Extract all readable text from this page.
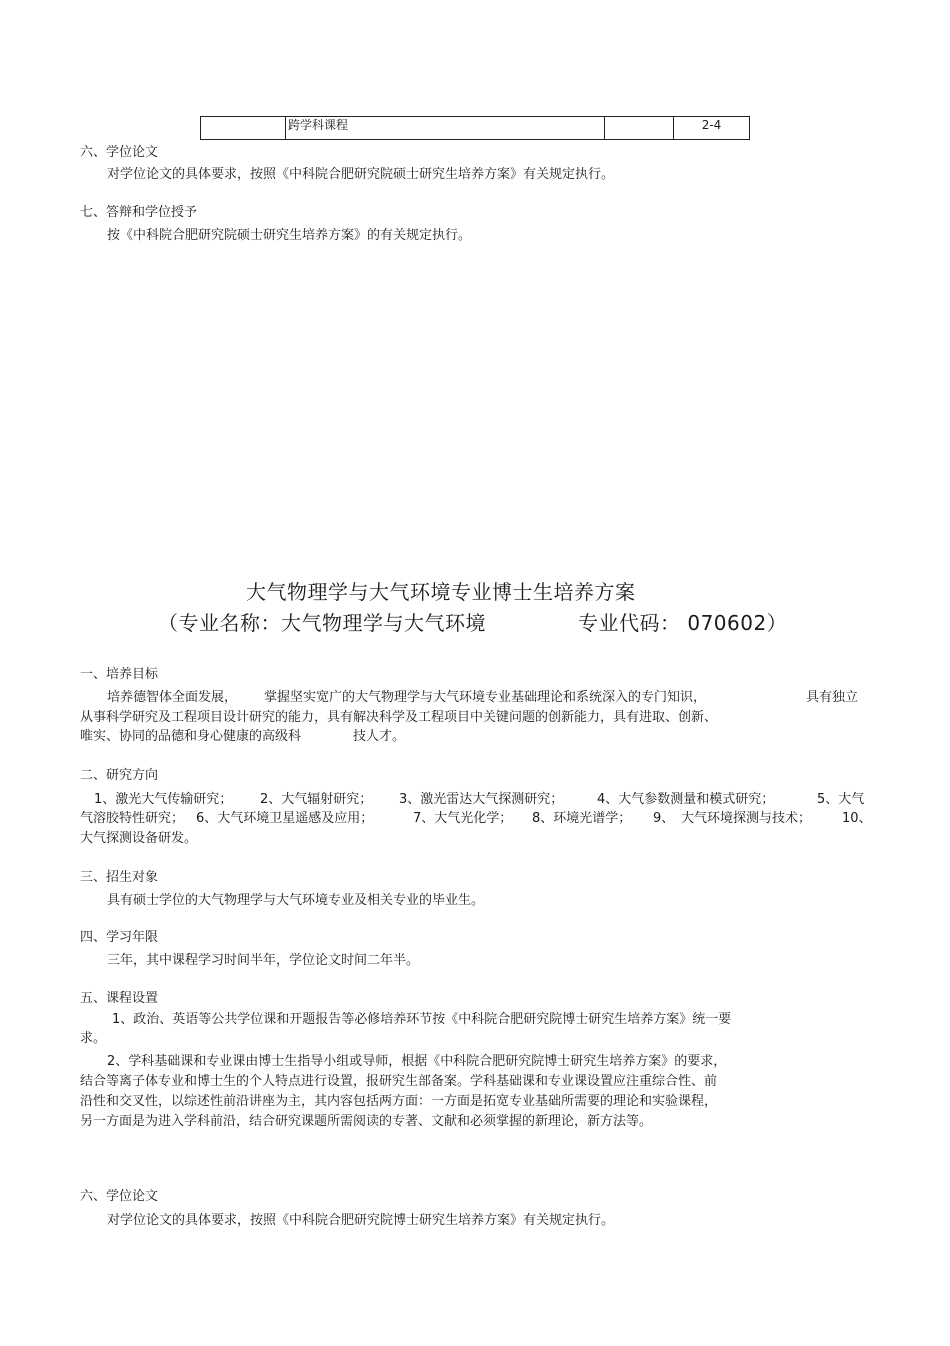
	跨学科课程		2-4
六、学位论文
对学位论文的具体要求，按照《中科院合肥研究院硕士研究生培养方案》有关规定执行。
七、答辩和学位授予
按《中科院合肥研究院硕士研究生培养方案》的有关规定执行。
大气物理学与大气环境专业博士生培养方案
（专业名称：大气物理学与大气环境	专业代码： 070602）
一、培养目标
培养德智体全面发展， 掌握坚实宽广的大气物理学与大气环境专业基础理论和系统深入的专门知识，	具有独立
从事科学研究及工程项目设计研究的能力，具有解决科学及工程项目中关键问题的创新能力，具有进取、创新、
唯实、协同的品德和身心健康的高级科	技人才。
二、研究方向
1、激光大气传输研究； 2、大气辐射研究； 3、激光雷达大气探测研究；	4、大气参数测量和模式研究；	5、大气
气溶胶特性研究； 6、大气环境卫星遥感及应用；	7、大气光化学； 8、环境光谱学； 9、 大气环境探测与技术； 10、
大气探测设备研发。
三、招生对象
具有硕士学位的大气物理学与大气环境专业及相关专业的毕业生。
四、学习年限
三年，其中课程学习时间半年，学位论文时间二年半。
五、课程设置
1、政治、英语等公共学位课和开题报告等必修培养环节按《中科院合肥研究院博士研究生培养方案》统一要
求。
2、学科基础课和专业课由博士生指导小组或导师，根据《中科院合肥研究院博士研究生培养方案》的要求，
结合等离子体专业和博士生的个人特点进行设置，报研究生部备案。学科基础课和专业课设置应注重综合性、前
沿性和交叉性，以综述性前沿讲座为主，其内容包括两方面：一方面是拓宽专业基础所需要的理论和实验课程，
另一方面是为进入学科前沿，结合研究课题所需阅读的专著、文献和必须掌握的新理论，新方法等。
六、学位论文
对学位论文的具体要求，按照《中科院合肥研究院博士研究生培养方案》有关规定执行。
